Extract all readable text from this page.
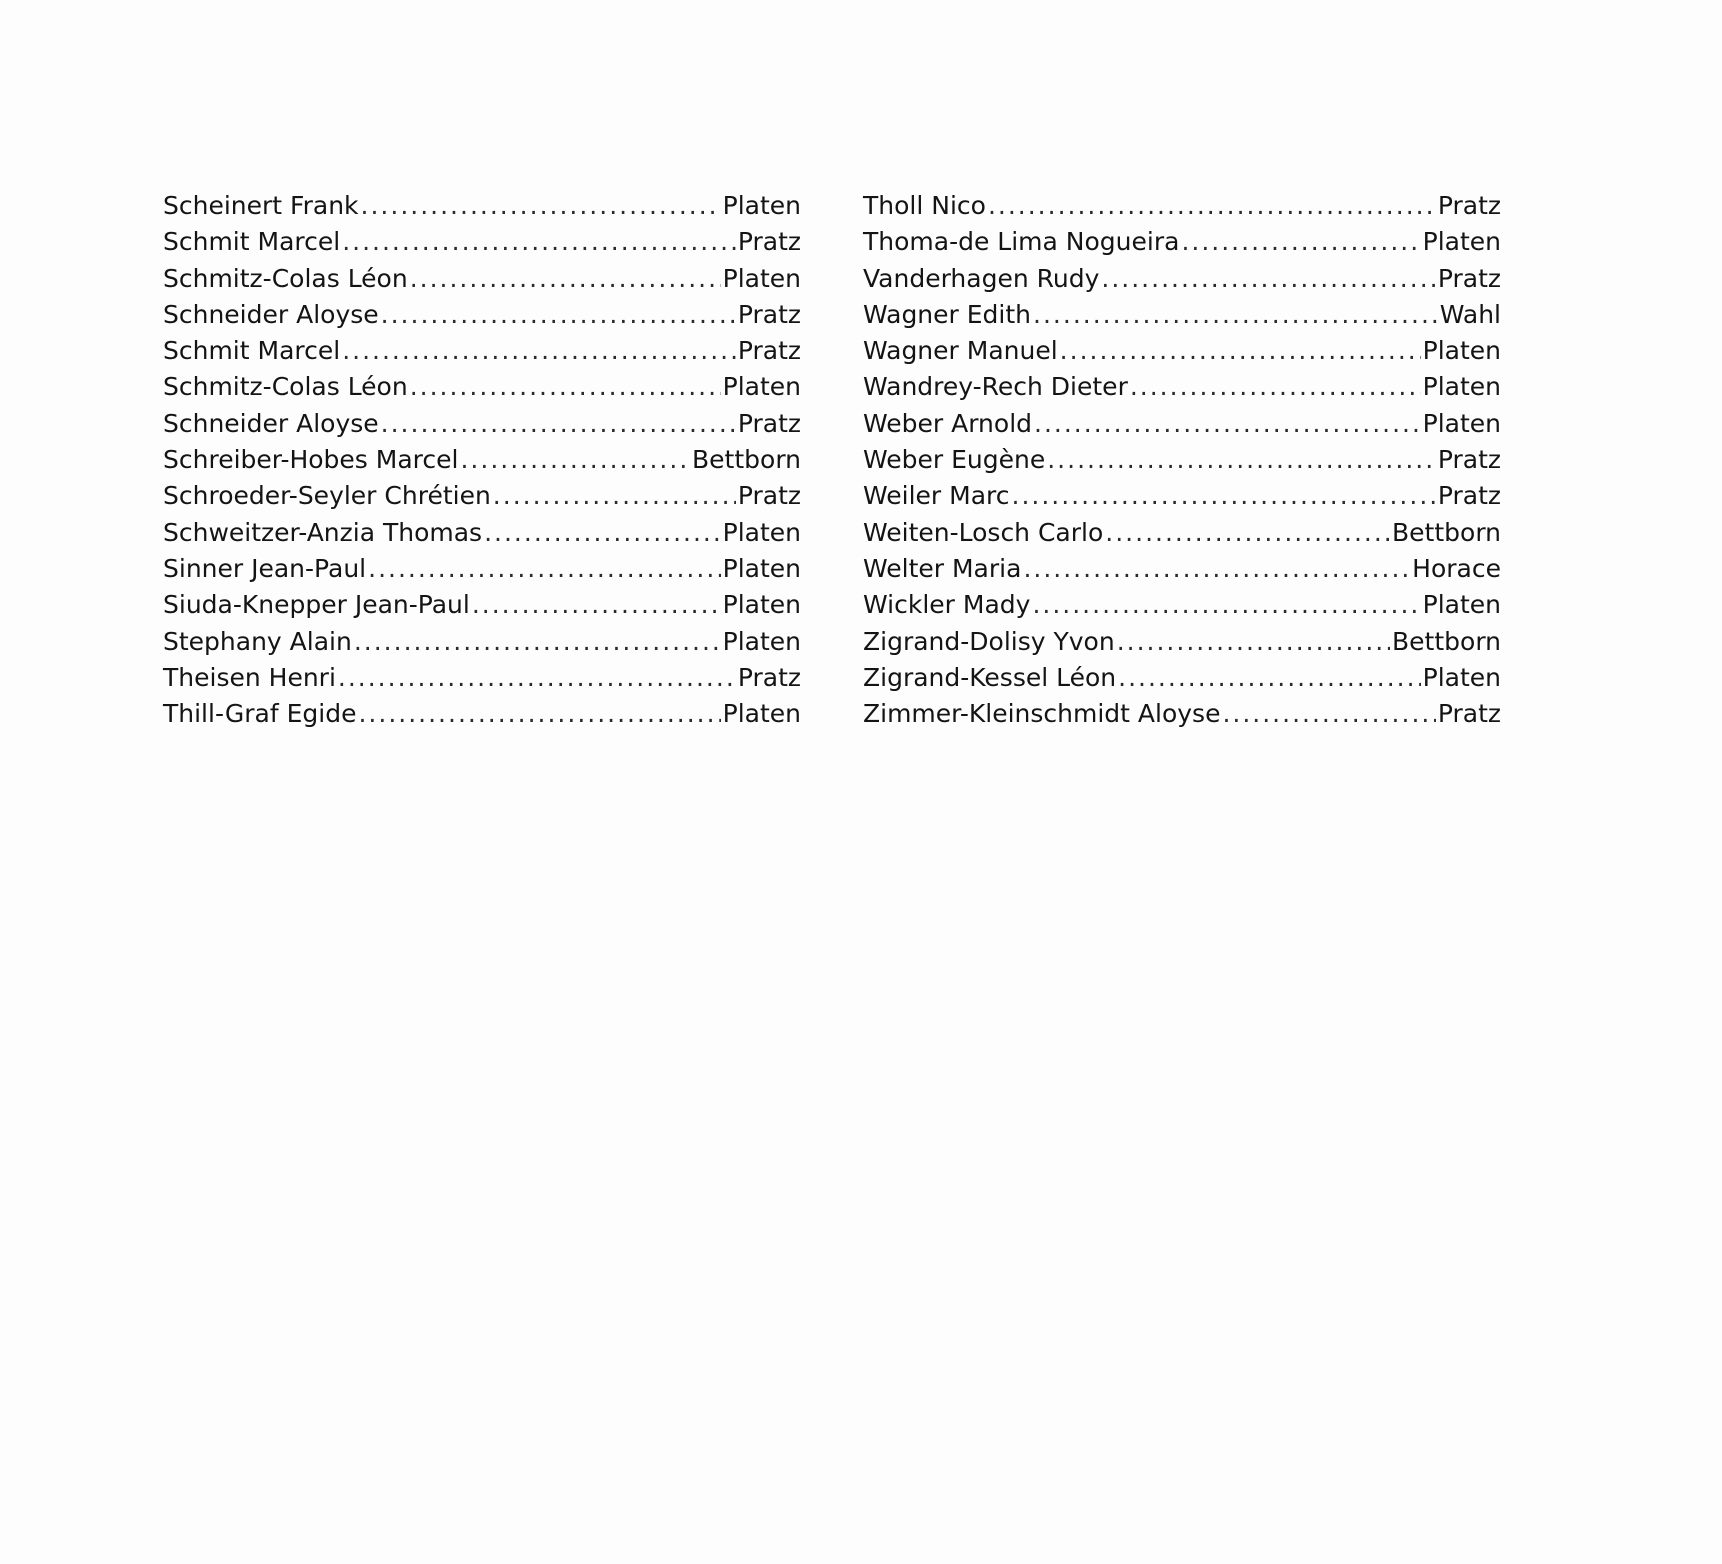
Scheinert Frank .....	Platen
Schmit Marcel .....	Pratz
Schmitz-Colas Léon .....	Platen
Schneider Aloyse .....	Pratz
Schmit Marcel .....	Pratz
Schmitz-Colas Léon .....	Platen
Schneider Aloyse .....	Pratz
Schreiber-Hobes Marcel .....	Bettborn
Schroeder-Seyler Chrétien .....	Pratz
Schweitzer-Anzia Thomas .....	Platen
Sinner Jean-Paul .....	Platen
Siuda-Knepper Jean-Paul .....	Platen
Stephany Alain .....	Platen
Theisen Henri .....	Pratz
Thill-Graf Egide .....	Platen
Tholl Nico .....	Pratz
Thoma-de Lima Nogueira .....	Platen
Vanderhagen Rudy .....	Pratz
Wagner Edith .....	Wahl
Wagner Manuel .....	Platen
Wandrey-Rech Dieter .....	Platen
Weber Arnold .....	Platen
Weber Eugène .....	Pratz
Weiler Marc .....	Pratz
Weiten-Losch Carlo .....	Bettborn
Welter Maria .....	Horace
Wickler Mady .....	Platen
Zigrand-Dolisy Yvon .....	Bettborn
Zigrand-Kessel Léon .....	Platen
Zimmer-Kleinschmidt Aloyse .....	Pratz
